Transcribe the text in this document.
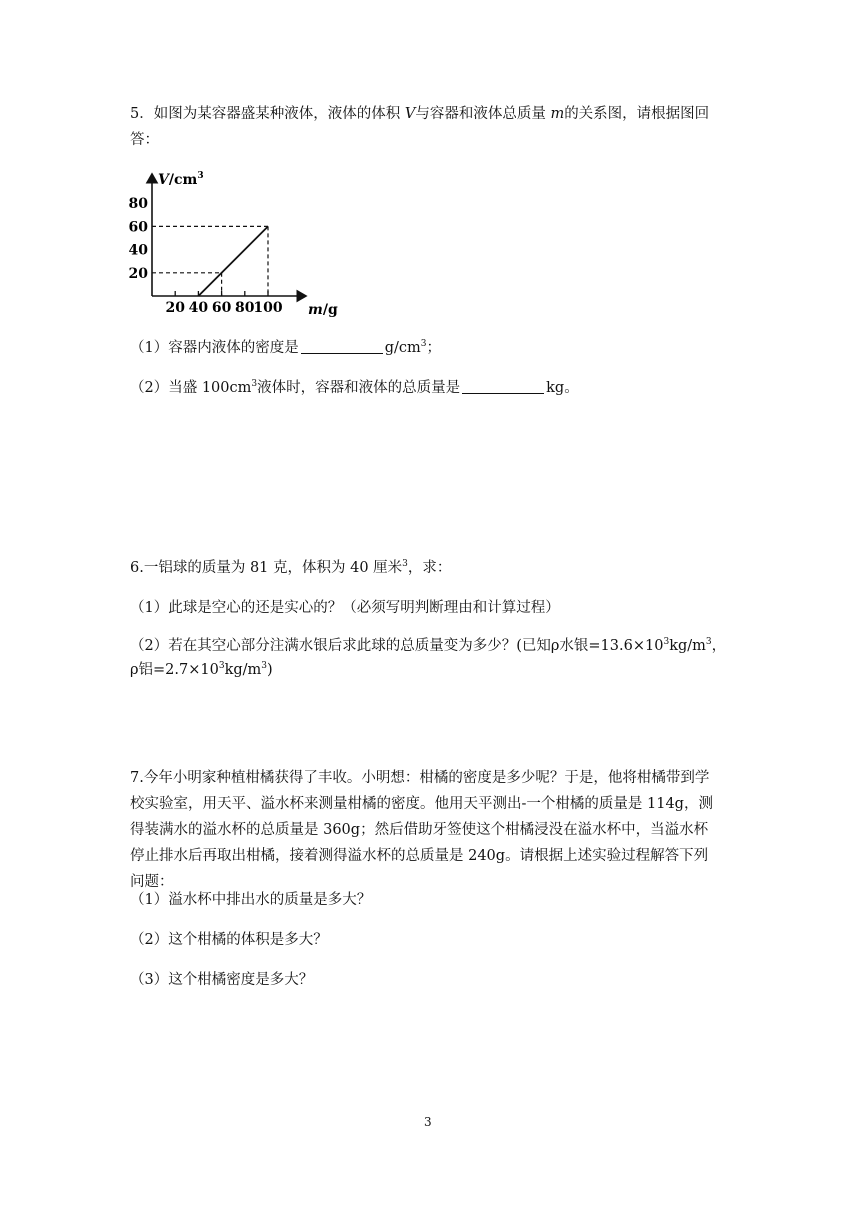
5．如图为某容器盛某种液体，液体的体积 V与容器和液体总质量 m的关系图，请根据图回
答：
20 40 60 80
100
20
40
60
80
$V/cm^3$
m/g
（1）容器内液体的密度是	$g/cm^3$；
（2）当盛 $100cm^3$液体时，容器和液体的总质量是	kg。
6.一铝球的质量为 81 克，体积为 40 厘米$^3$，求：
（1）此球是空心的还是实心的？（必须写明判断理由和计算过程）
（2）若在其空心部分注满水银后求此球的总质量变为多少？(已知ρ水银$=13.6\times 10^3kg/m^3$，
ρ铝$=2.7\times 10^3kg/m^3$)
7.今年小明家种植柑橘获得了丰收。小明想：柑橘的密度是多少呢？于是，他将柑橘带到学
校实验室，用天平、溢水杯来测量柑橘的密度。他用天平测出-一个柑橘的质量是 114g，测
得装满水的溢水杯的总质量是 360g；然后借助牙签使这个柑橘浸没在溢水杯中，当溢水杯
停止排水后再取出柑橘，接着测得溢水杯的总质量是 240g。请根据上述实验过程解答下列
问题：
（1）溢水杯中排出水的质量是多大？
（2）这个柑橘的体积是多大？
（3）这个柑橘密度是多大？
3
